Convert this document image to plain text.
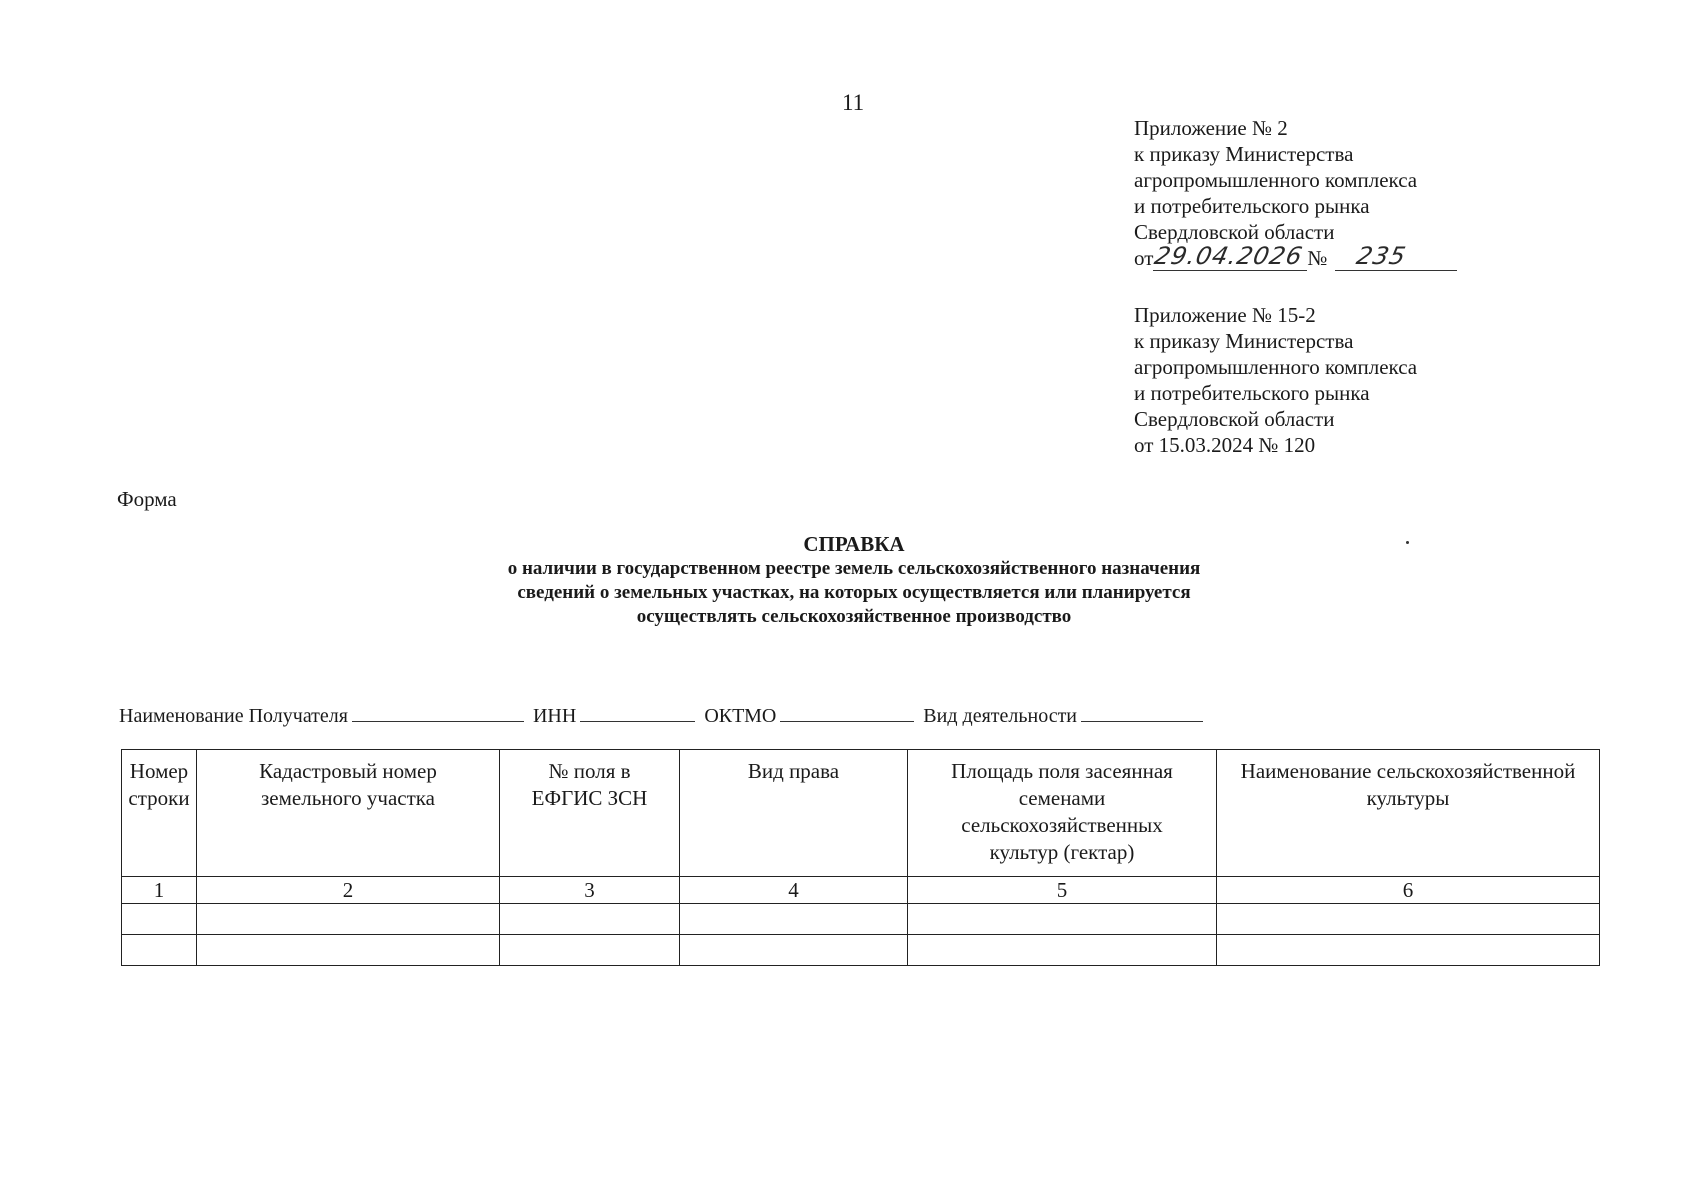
11
Приложение № 2
к приказу Министерства
агропромышленного комплекса
и потребительского рынка
Свердловской области
от 29.04.2026 № 235
Приложение № 15-2
к приказу Министерства
агропромышленного комплекса
и потребительского рынка
Свердловской области
от 15.03.2024 № 120
Форма
СПРАВКА
о наличии в государственном реестре земель сельскохозяйственного назначения
сведений о земельных участках, на которых осуществляется или планируется
осуществлять сельскохозяйственное производство
Наименование Получателя	ИНН	ОКТМО	Вид деятельности
Номер строки	Кадастровый номер земельного участка	№ поля в ЕФГИС ЗСН	Вид права	Площадь поля засеянная семенами сельскохозяйственных культур (гектар)	Наименование сельскохозяйственной культуры
1	2	3	4	5	6
